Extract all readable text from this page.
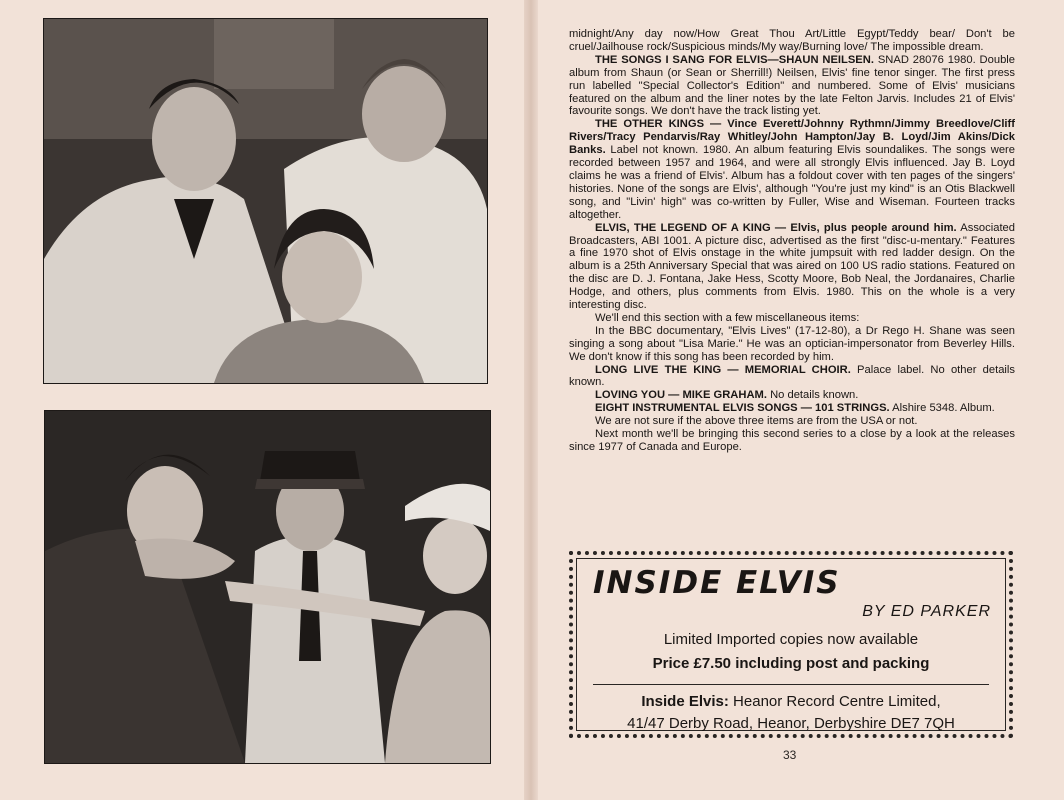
midnight/Any day now/How Great Thou Art/Little Egypt/Teddy bear/ Don't be cruel/Jailhouse rock/Suspicious minds/My way/Burning love/ The impossible dream.

THE SONGS I SANG FOR ELVIS—SHAUN NEILSEN. SNAD 28076 1980. Double album from Shaun (or Sean or Sherrill!) Neilsen, Elvis' fine tenor singer. The first press run labelled "Special Collector's Edition" and numbered. Some of Elvis' musicians featured on the album and the liner notes by the late Felton Jarvis. Includes 21 of Elvis' favourite songs. We don't have the track listing yet.

THE OTHER KINGS — Vince Everett/Johnny Rythmn/Jimmy Breedlove/Cliff Rivers/Tracy Pendarvis/Ray Whitley/John Hampton/Jay B. Loyd/Jim Akins/Dick Banks. Label not known. 1980. An album featuring Elvis soundalikes. The songs were recorded between 1957 and 1964, and were all strongly Elvis influenced. Jay B. Loyd claims he was a friend of Elvis'. Album has a foldout cover with ten pages of the singers' histories. None of the songs are Elvis', although "You're just my kind" is an Otis Blackwell song, and "Livin' high" was co-written by Fuller, Wise and Wiseman. Fourteen tracks altogether.

ELVIS, THE LEGEND OF A KING — Elvis, plus people around him. Associated Broadcasters, ABI 1001. A picture disc, advertised as the first "disc-u-mentary." Features a fine 1970 shot of Elvis onstage in the white jumpsuit with red ladder design. On the album is a 25th Anniversary Special that was aired on 100 US radio stations. Featured on the disc are D. J. Fontana, Jake Hess, Scotty Moore, Bob Neal, the Jordanaires, Charlie Hodge, and others, plus comments from Elvis. 1980. This on the whole is a very interesting disc.

We'll end this section with a few miscellaneous items:

In the BBC documentary, "Elvis Lives" (17-12-80), a Dr Rego H. Shane was seen singing a song about "Lisa Marie." He was an optician-impersonator from Beverley Hills. We don't know if this song has been recorded by him.

LONG LIVE THE KING — MEMORIAL CHOIR. Palace label. No other details known.

LOVING YOU — MIKE GRAHAM. No details known.

EIGHT INSTRUMENTAL ELVIS SONGS — 101 STRINGS. Alshire 5348. Album.

We are not sure if the above three items are from the USA or not.

Next month we'll be bringing this second series to a close by a look at the releases since 1977 of Canada and Europe.

INSIDE ELVIS
BY ED PARKER
Limited Imported copies now available
Price £7.50 including post and packing
Inside Elvis: Heanor Record Centre Limited,
41/47 Derby Road, Heanor, Derbyshire DE7 7QH
33
